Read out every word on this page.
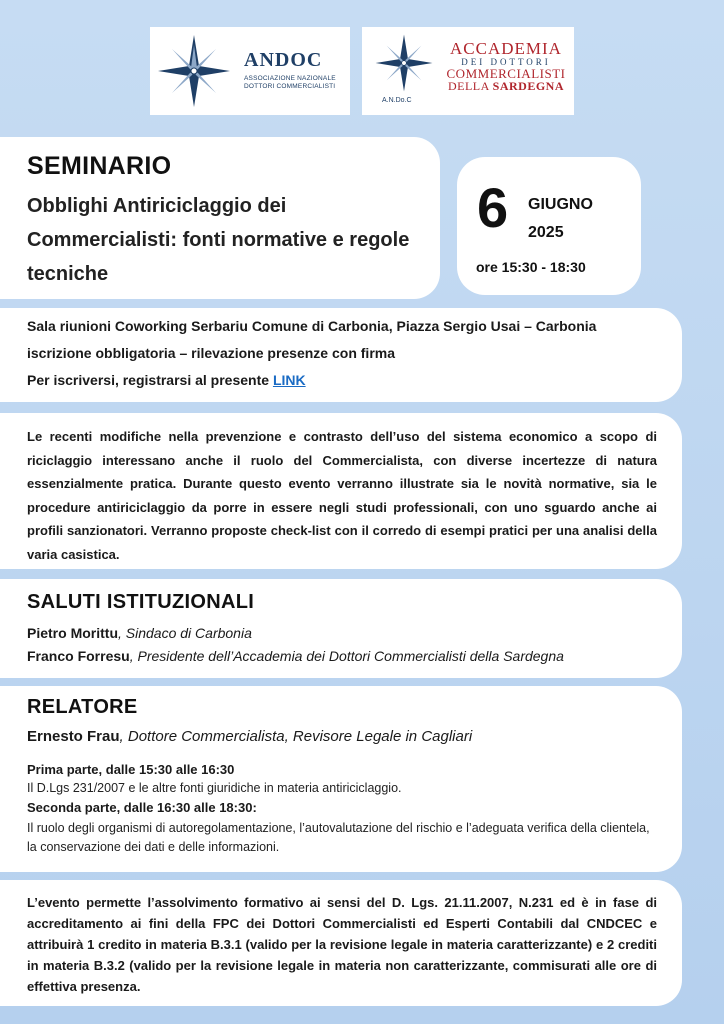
ANDOC
ASSOCIAZIONE NAZIONALE DOTTORI COMMERCIALISTI
A.N.Do.C
ACCADEMIA
DEI DOTTORI
COMMERCIALISTI
DELLA SARDEGNA
SEMINARIO
Obblighi Antiriciclaggio dei Commercialisti: fonti normative e regole tecniche
6 GIUGNO
2025
ore 15:30 - 18:30
Sala riunioni Coworking Serbariu Comune di Carbonia, Piazza Sergio Usai – Carbonia
iscrizione obbligatoria – rilevazione presenze con firma
Per iscriversi, registrarsi al presente LINK
Le recenti modifiche nella prevenzione e contrasto dell’uso del sistema economico a scopo di riciclaggio interessano anche il ruolo del Commercialista, con diverse incertezze di natura essenzialmente pratica. Durante questo evento verranno illustrate sia le novità normative, sia le procedure antiriciclaggio da porre in essere negli studi professionali, con uno sguardo anche ai profili sanzionatori. Verranno proposte check-list con il corredo di esempi pratici per una analisi della varia casistica.
SALUTI ISTITUZIONALI
Pietro Morittu, Sindaco di Carbonia
Franco Forresu, Presidente dell’Accademia dei Dottori Commercialisti della Sardegna
RELATORE
Ernesto Frau, Dottore Commercialista, Revisore Legale in Cagliari
Prima parte, dalle 15:30 alle 16:30
Il D.Lgs 231/2007 e le altre fonti giuridiche in materia antiriciclaggio.
Seconda parte, dalle 16:30 alle 18:30:
Il ruolo degli organismi di autoregolamentazione, l’autovalutazione del rischio e l’adeguata verifica della clientela, la conservazione dei dati e delle informazioni.
L’evento permette l’assolvimento formativo ai sensi del D. Lgs. 21.11.2007, N.231 ed è in fase di accreditamento ai fini della FPC dei Dottori Commercialisti ed Esperti Contabili dal CNDCEC e attribuirà 1 credito in materia B.3.1 (valido per la revisione legale in materia caratterizzante) e 2 crediti in materia B.3.2 (valido per la revisione legale in materia non caratterizzante, commisurati alle ore di effettiva presenza.
